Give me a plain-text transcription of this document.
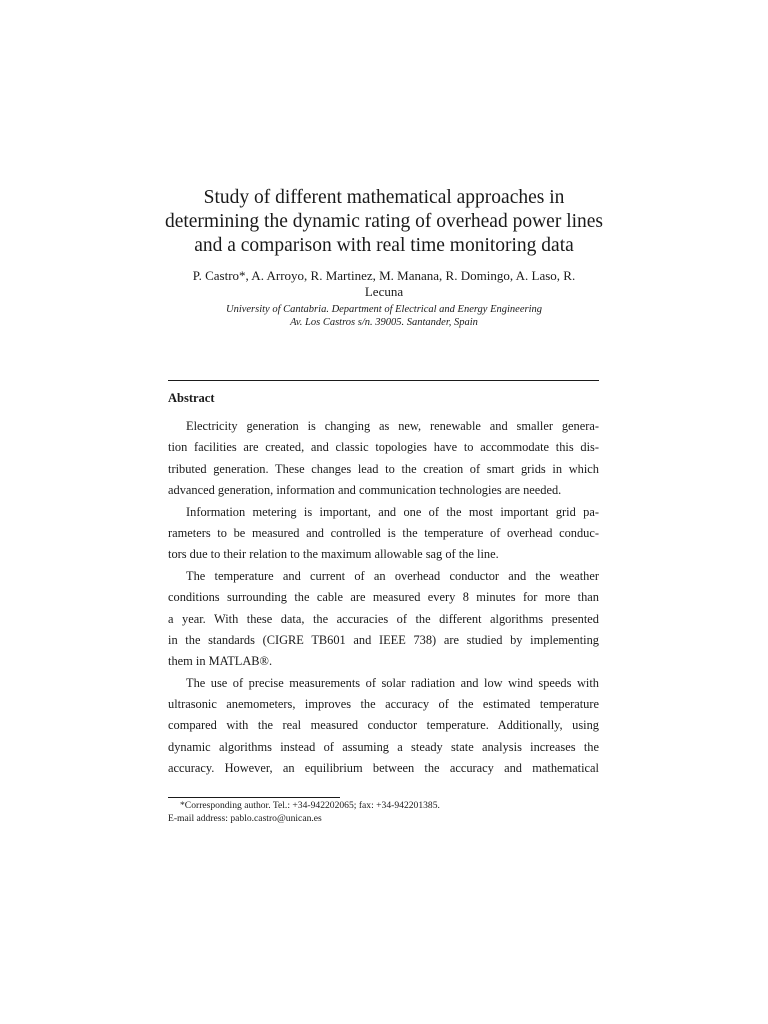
Study of different mathematical approaches in
determining the dynamic rating of overhead power lines
and a comparison with real time monitoring data
P. Castro*, A. Arroyo, R. Martinez, M. Manana, R. Domingo, A. Laso, R.
Lecuna
University of Cantabria. Department of Electrical and Energy Engineering
Av. Los Castros s/n. 39005. Santander, Spain
Abstract
Electricity generation is changing as new, renewable and smaller genera-
tion facilities are created, and classic topologies have to accommodate this dis-
tributed generation. These changes lead to the creation of smart grids in which
advanced generation, information and communication technologies are needed.
Information metering is important, and one of the most important grid pa-
rameters to be measured and controlled is the temperature of overhead conduc-
tors due to their relation to the maximum allowable sag of the line.
The temperature and current of an overhead conductor and the weather
conditions surrounding the cable are measured every 8 minutes for more than
a year. With these data, the accuracies of the different algorithms presented
in the standards (CIGRE TB601 and IEEE 738) are studied by implementing
them in MATLAB®.
The use of precise measurements of solar radiation and low wind speeds with
ultrasonic anemometers, improves the accuracy of the estimated temperature
compared with the real measured conductor temperature. Additionally, using
dynamic algorithms instead of assuming a steady state analysis increases the
accuracy. However, an equilibrium between the accuracy and mathematical
*Corresponding author. Tel.: +34-942202065; fax: +34-942201385.
E-mail address: pablo.castro@unican.es
